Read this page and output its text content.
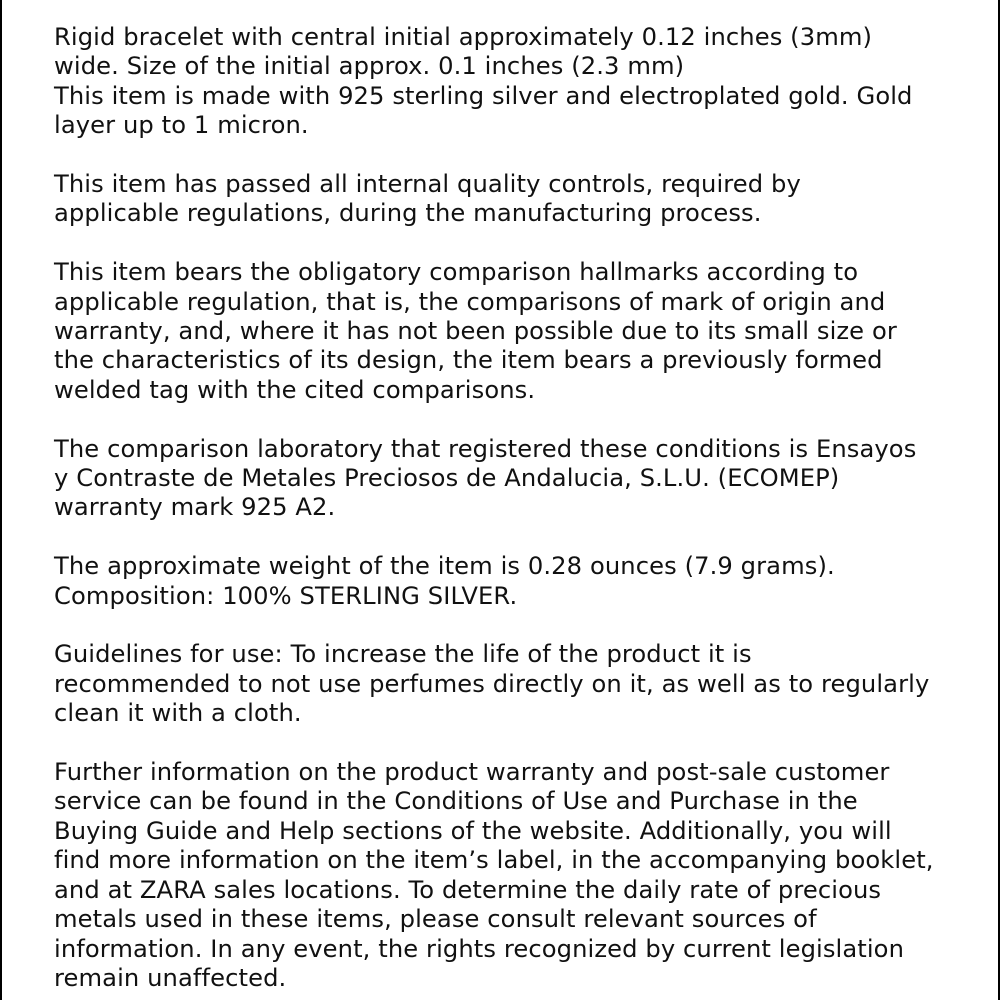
Rigid bracelet with central initial approximately 0.12 inches (3mm)
wide. Size of the initial approx. 0.1 inches (2.3 mm)
This item is made with 925 sterling silver and electroplated gold. Gold
layer up to 1 micron.

This item has passed all internal quality controls, required by
applicable regulations, during the manufacturing process.

This item bears the obligatory comparison hallmarks according to
applicable regulation, that is, the comparisons of mark of origin and
warranty, and, where it has not been possible due to its small size or
the characteristics of its design, the item bears a previously formed
welded tag with the cited comparisons.

The comparison laboratory that registered these conditions is Ensayos
y Contraste de Metales Preciosos de Andalucia, S.L.U. (ECOMEP)
warranty mark 925 A2.

The approximate weight of the item is 0.28 ounces (7.9 grams).
Composition: 100% STERLING SILVER.

Guidelines for use: To increase the life of the product it is
recommended to not use perfumes directly on it, as well as to regularly
clean it with a cloth.

Further information on the product warranty and post-sale customer
service can be found in the Conditions of Use and Purchase in the
Buying Guide and Help sections of the website. Additionally, you will
find more information on the item’s label, in the accompanying booklet,
and at ZARA sales locations. To determine the daily rate of precious
metals used in these items, please consult relevant sources of
information. In any event, the rights recognized by current legislation
remain unaffected.
